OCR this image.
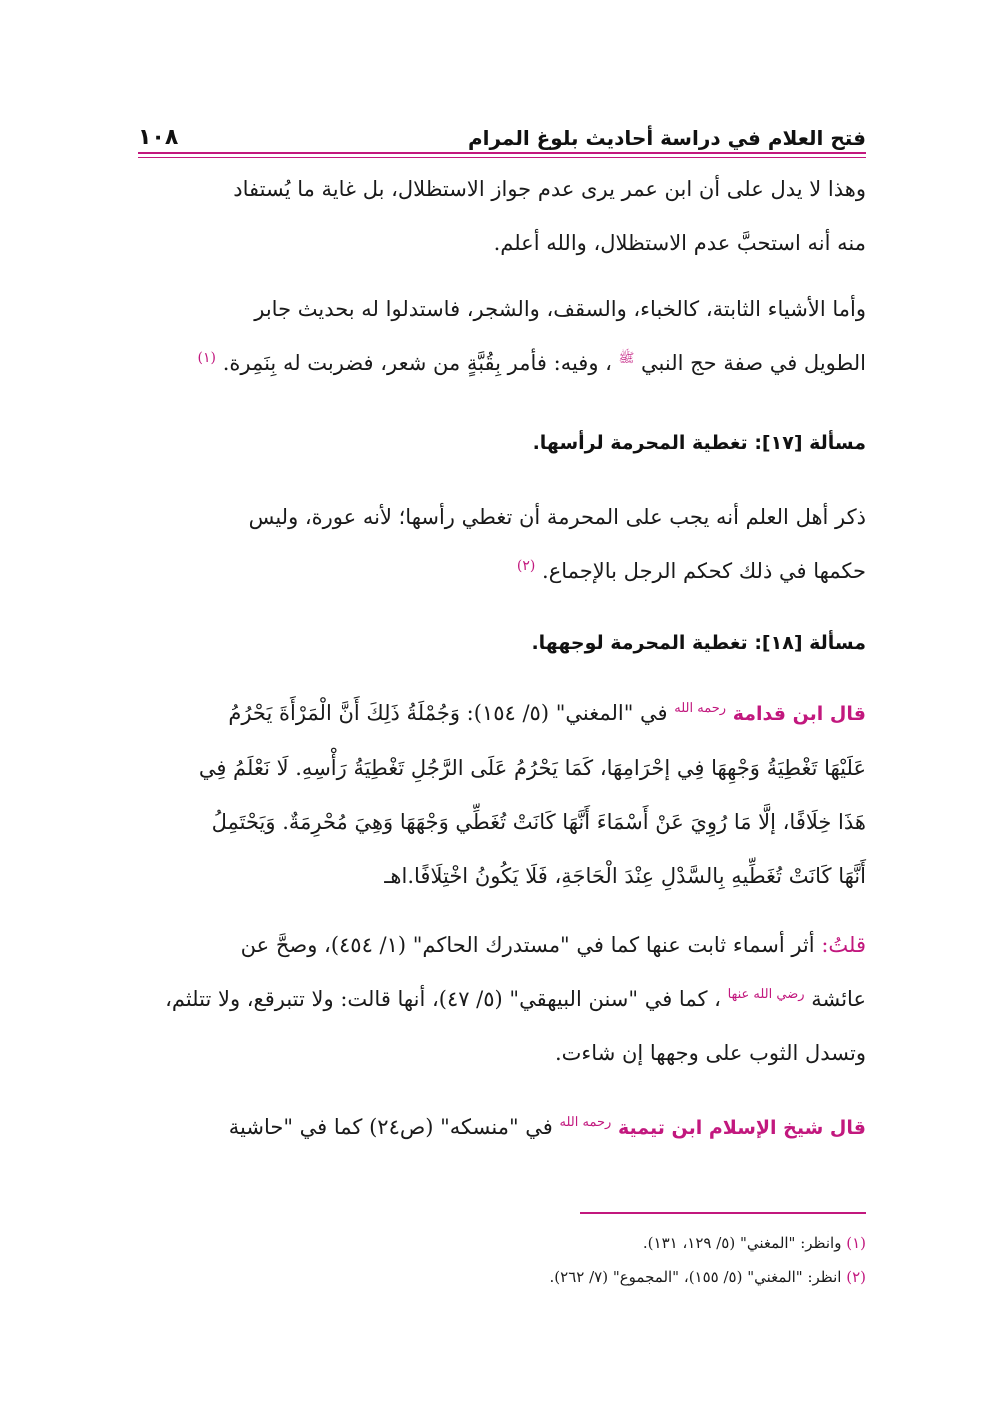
فتح العلام في دراسة أحاديث بلوغ المرام
١٠٨
وهذا لا يدل على أن ابن عمر يرى عدم جواز الاستظلال، بل غاية ما يُستفاد
منه أنه استحبَّ عدم الاستظلال، والله أعلم.
وأما الأشياء الثابتة، كالخباء، والسقف، والشجر، فاستدلوا له بحديث جابر
الطويل في صفة حج النبي $^ﷺ$ ، وفيه: فأمر بِقُبَّةٍ من شعر، فضربت له بِنَمِرة. $^{(١)}$
مسألة [١٧]: تغطية المحرمة لرأسها.
ذكر أهل العلم أنه يجب على المحرمة أن تغطي رأسها؛ لأنه عورة، وليس
حكمها في ذلك كحكم الرجل بالإجماع. $^{(٢)}$
مسألة [١٨]: تغطية المحرمة لوجهها.
قال ابن قدامة $^{رحمه الله}$ في "المغني" (٥/ ١٥٤): وَجُمْلَةُ ذَلِكَ أَنَّ الْمَرْأَةَ يَحْرُمُ
عَلَيْهَا تَغْطِيَةُ وَجْهِهَا فِي إحْرَامِهَا، كَمَا يَحْرُمُ عَلَى الرَّجُلِ تَغْطِيَةُ رَأْسِهِ. لَا نَعْلَمُ فِي
هَذَا خِلَافًا، إلَّا مَا رُوِيَ عَنْ أَسْمَاءَ أَنَّهَا كَانَتْ تُغَطِّي وَجْهَهَا وَهِيَ مُحْرِمَةٌ. وَيَحْتَمِلُ
أَنَّهَا كَانَتْ تُغَطِّيهِ بِالسَّدْلِ عِنْدَ الْحَاجَةِ، فَلَا يَكُونُ اخْتِلَافًا.اهـ
قلتُ: أثر أسماء ثابت عنها كما في "مستدرك الحاكم" (١/ ٤٥٤)، وصحَّ عن
عائشة $^{رضي الله عنها}$ ، كما في "سنن البيهقي" (٥/ ٤٧)، أنها قالت: ولا تتبرقع، ولا تتلثم،
وتسدل الثوب على وجهها إن شاءت.
قال شيخ الإسلام ابن تيمية $^{رحمه الله}$ في "منسكه" (ص٢٤) كما في "حاشية
(١) وانظر: "المغني" (٥/ ١٢٩، ١٣١).
(٢) انظر: "المغني" (٥/ ١٥٥)، "المجموع" (٧/ ٢٦٢).
